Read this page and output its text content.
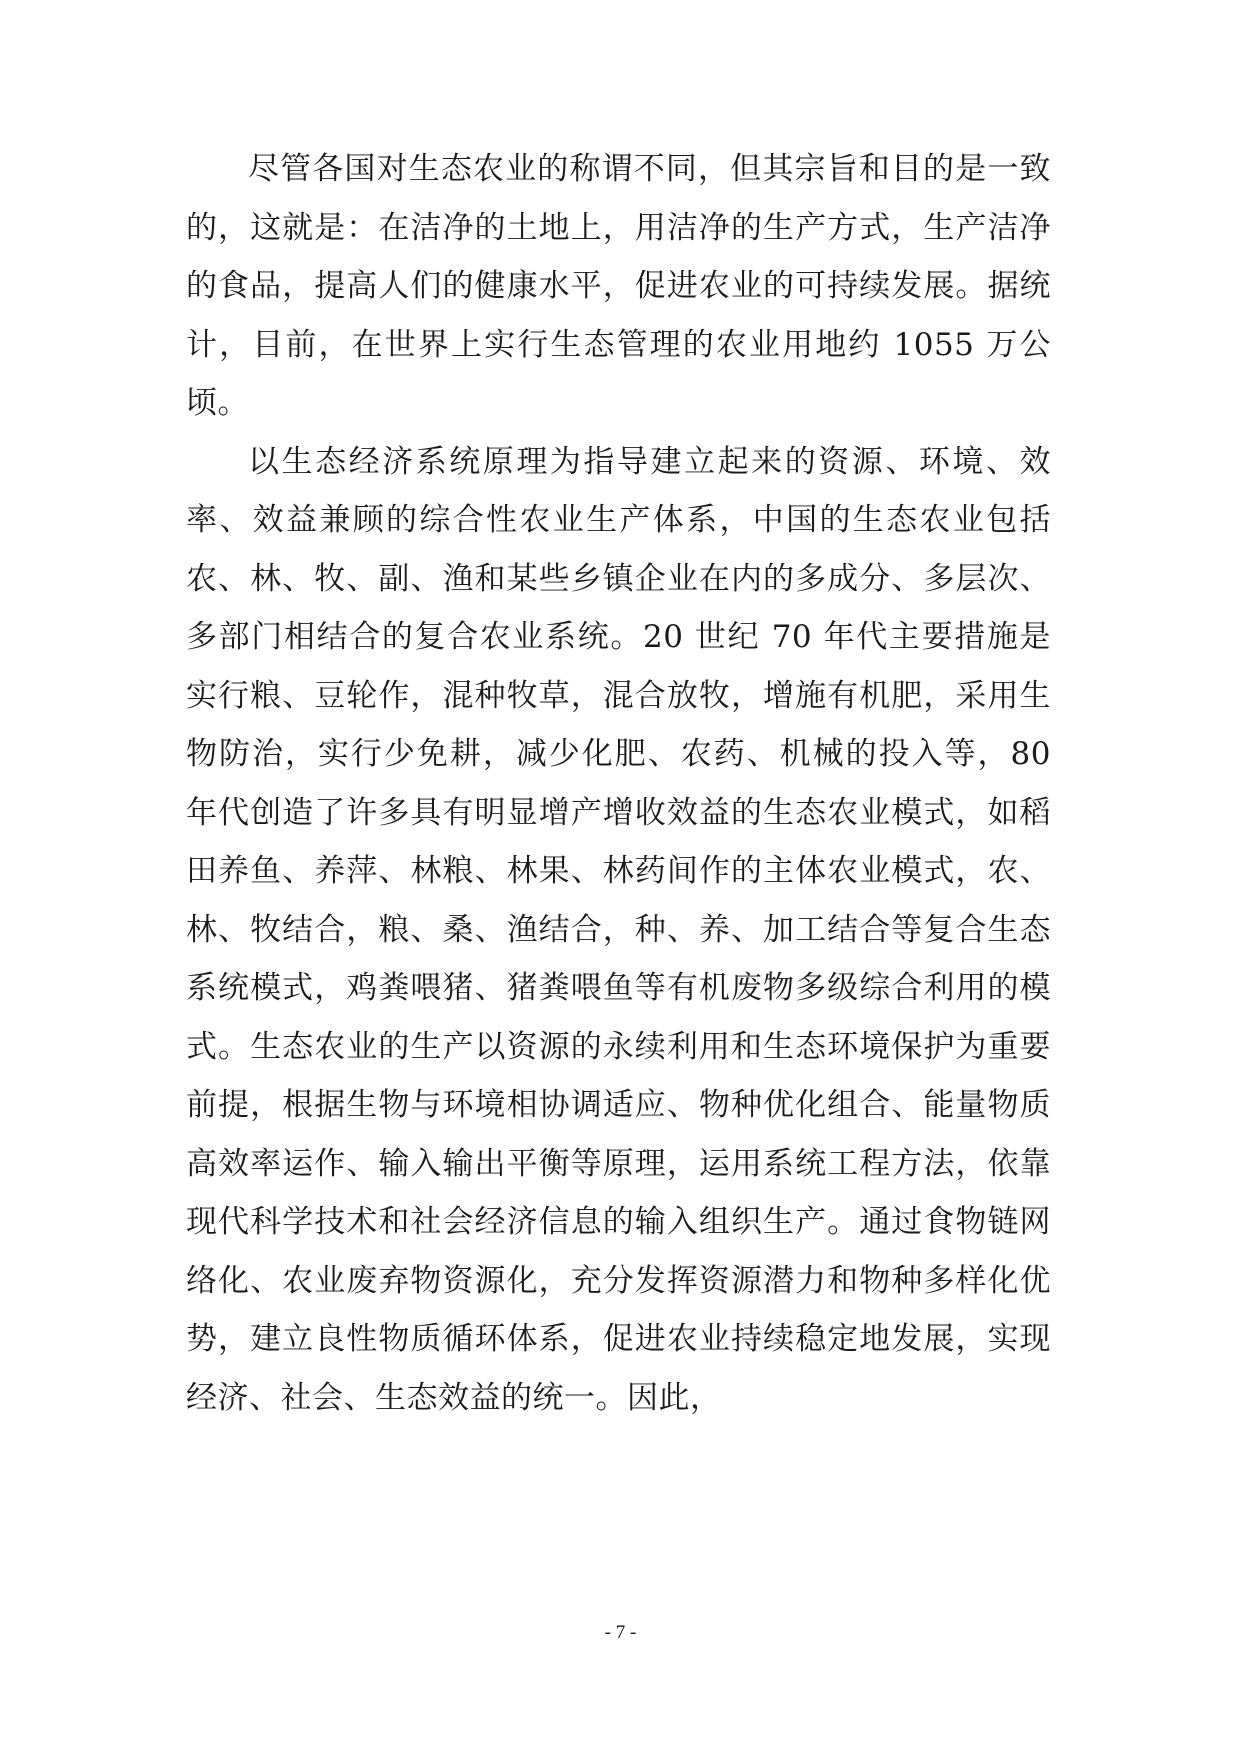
尽管各国对生态农业的称谓不同，但其宗旨和目的是一致的，这就是：在洁净的土地上，用洁净的生产方式，生产洁净的食品，提高人们的健康水平，促进农业的可持续发展。据统计，目前，在世界上实行生态管理的农业用地约 1055 万公顷。

以生态经济系统原理为指导建立起来的资源、环境、效率、效益兼顾的综合性农业生产体系，中国的生态农业包括农、林、牧、副、渔和某些乡镇企业在内的多成分、多层次、多部门相结合的复合农业系统。20 世纪 70 年代主要措施是实行粮、豆轮作，混种牧草，混合放牧，增施有机肥，采用生物防治，实行少免耕，减少化肥、农药、机械的投入等，80 年代创造了许多具有明显增产增收效益的生态农业模式，如稻田养鱼、养萍、林粮、林果、林药间作的主体农业模式，农、林、牧结合，粮、桑、渔结合，种、养、加工结合等复合生态系统模式，鸡粪喂猪、猪粪喂鱼等有机废物多级综合利用的模式。生态农业的生产以资源的永续利用和生态环境保护为重要前提，根据生物与环境相协调适应、物种优化组合、能量物质高效率运作、输入输出平衡等原理，运用系统工程方法，依靠现代科学技术和社会经济信息的输入组织生产。通过食物链网络化、农业废弃物资源化，充分发挥资源潜力和物种多样化优势，建立良性物质循环体系，促进农业持续稳定地发展，实现经济、社会、生态效益的统一。因此，

- 7 -
